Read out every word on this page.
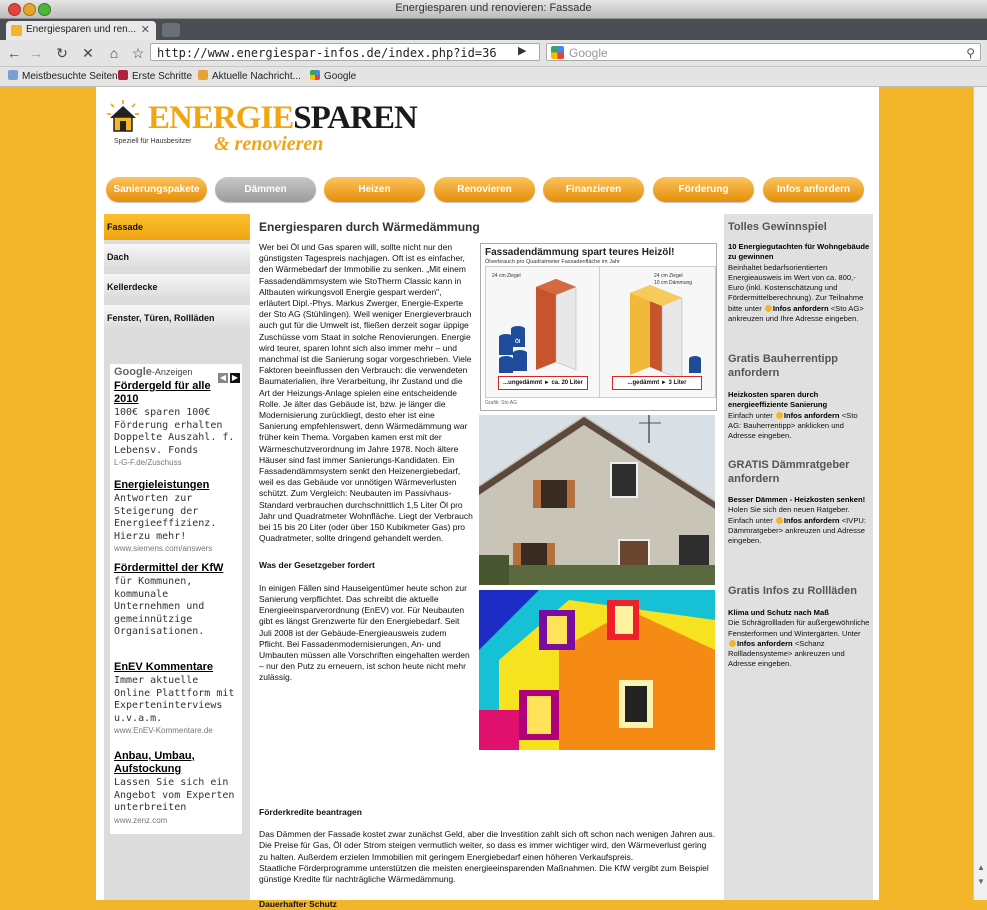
Energiesparen und renovieren: Fassade
Energiesparen und ren... ✕
← → ↻ ✕	⌂ ☆	http://www.energiespar-infos.de/index.php?id=36	▶	Google	⚲
Meistbesuchte Seiten	Erste Schritte	Aktuelle Nachricht...	Google
ENERGIESPAREN
Speziell für Hausbesitzer & renovieren
Sanierungspakete	Dämmen	Heizen	Renovieren	Finanzieren	Förderung	Infos anfordern
Fassade
Dach
Kellerdecke
Fenster, Türen, Rollläden
Google-Anzeigen
◀ ▶
Fördergeld für alle 2010
100€ sparen 100€ Förderung erhalten Doppelte Auszahl. f. Lebensv. Fonds
L-G-F.de/Zuschuss
Energieleistungen
Antworten zur Steigerung der Energieeffizienz. Hierzu mehr!
www.siemens.com/answers
Fördermittel der KfW
für Kommunen, kommunale Unternehmen und gemeinnützige Organisationen.
EnEV Kommentare
Immer aktuelle Online Plattform mit Experteninterviews u.v.a.m.
www.EnEV-Kommentare.de
Anbau, Umbau, Aufstockung
Lassen Sie sich ein Angebot vom Experten unterbreiten
www.zenz.com
Energiesparen durch Wärmedämmung

Wer bei Öl und Gas sparen will, sollte nicht nur den günstigsten Tagespreis nachjagen. Oft ist es einfacher, den Wärmebedarf der Immobilie zu senken. „Mit einem Fassadendämmsystem wie StoTherm Classic kann in Altbauten wirkungsvoll Energie gespart werden", erläutert Dipl.-Phys. Markus Zwerger, Energie-Experte der Sto AG (Stühlingen). Weil weniger Energieverbrauch auch gut für die Umwelt ist, fließen derzeit sogar üppige Zuschüsse vom Staat in solche Renovierungen. Energie wird teurer, sparen lohnt sich also immer mehr – und manchmal ist die Sanierung sogar vorgeschrieben. Viele Faktoren beeinflussen den Verbrauch: die verwendeten Baumaterialien, ihre Verarbeitung, ihr Zustand und die Art der Heizungs-Anlage spielen eine entscheidende Rolle. Je älter das Gebäude ist, bzw. je länger die Modernisierung zurückliegt, desto eher ist eine Sanierung empfehlenswert, denn Wärmedämmung war früher kein Thema. Vorgaben kamen erst mit der Wärmeschutzverordnung im Jahre 1978. Noch ältere Häuser sind fast immer Sanierungs-Kandidaten. Ein Fassadendämmsystem senkt den Heizenergiebedarf, weil es das Gebäude vor unnötigen Wärmeverlusten schützt. Zum Vergleich: Neubauten im Passivhaus-Standard verbrauchen durchschnittlich 1,5 Liter Öl pro Jahr und Quadratmeter Wohnfläche. Liegt der Verbrauch bei 15 bis 20 Liter (oder über 150 Kubikmeter Gas) pro Quadratmeter, sollte dringend gehandelt werden.

Was der Gesetzgeber fordert

In einigen Fällen sind Hauseigentümer heute schon zur Sanierung verpflichtet. Das schreibt die aktuelle Energieeinsparverordnung (EnEV) vor. Für Neubauten gibt es längst Grenzwerte für den Energiebedarf. Seit Juli 2008 ist der Gebäude-Energieausweis zudem Pflicht. Bei Fassadenmodernisierungen, An- und Umbauten müssen alle Vorschriften eingehalten werden – nur den Putz zu erneuern, ist schon heute nicht mehr zulässig.

Förderkredite beantragen

Das Dämmen der Fassade kostet zwar zunächst Geld, aber die Investition zahlt sich oft schon nach wenigen Jahren aus. Die Preise für Gas, Öl oder Strom steigen vermutlich weiter, so dass es immer wichtiger wird, den Wärmeverlust gering zu halten. Außerdem erzielen Immobilien mit geringem Energiebedarf einen höheren Verkaufspreis.

Staatliche Förderprogramme unterstützen die meisten energieeinsparenden Maßnahmen. Die KfW vergibt zum Beispiel günstige Kredite für nachträgliche Wärmedämmung.

Dauerhafter Schutz

Fassadendämmung spart teures Heizöl!
Ölverbrauch pro Quadratmeter Fassadenfläche im Jahr
24 cm Ziegel
Öl
...ungedämmt ► ca. 20 Liter
24 cm Ziegel
10 cm Dämmung
...gedämmt ► 3 Liter
Grafik: Sto AG
Tolles Gewinnspiel
10 Energiegutachten für Wohngebäude zu gewinnen
Beinhaltet bedarfsorientierten Energieausweis im Wert von ca. 800,- Euro (inkl. Kostenschätzung und Fördermittelberechnung). Zur Teilnahme bitte unter Infos anfordern <Sto AG> ankreuzen und Ihre Adresse eingeben.
Gratis Bauherrentipp anfordern
Heizkosten sparen durch energieeffiziente Sanierung
Einfach unter Infos anfordern <Sto AG: Bauherrentipp> anklicken und Adresse eingeben.
GRATIS Dämmratgeber anfordern
Besser Dämmen - Heizkosten senken!
Holen Sie sich den neuen Ratgeber. Einfach unter Infos anfordern <IVPU: Dämmratgeber> ankreuzen und Adresse eingeben.
Gratis Infos zu Rollläden
Klima und Schutz nach Maß
Die Schrägrollladen für außergewöhnliche Fensterformen und Wintergärten. Unter Infos anfordern <Schanz Rollladensysteme> ankreuzen und Adresse eingeben.
▲
▼
